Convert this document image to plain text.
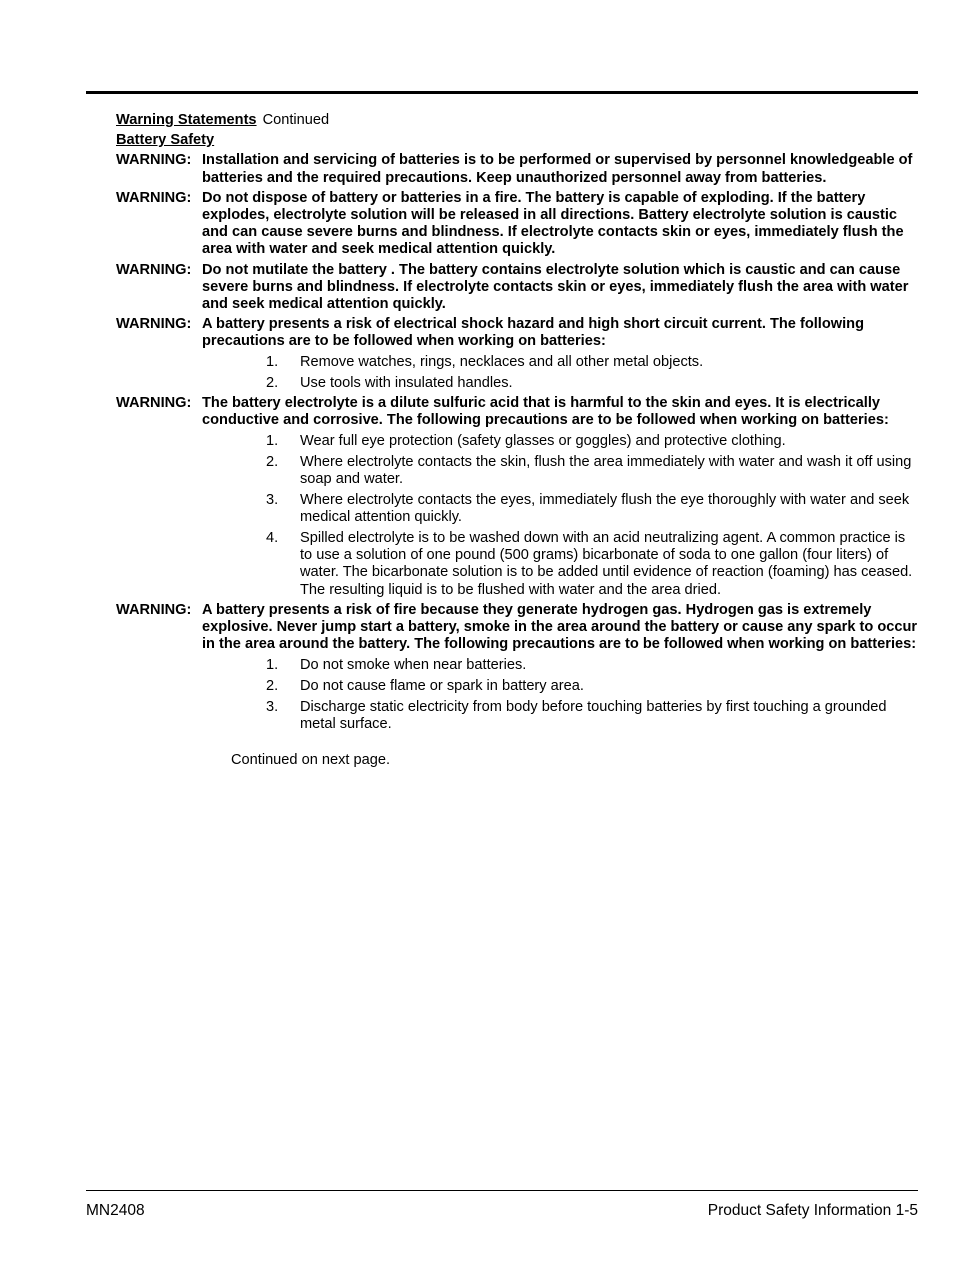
Warning Statements Continued
Battery Safety
WARNING: Installation and servicing of batteries is to be performed or supervised by personnel knowledgeable of batteries and the required precautions. Keep unauthorized personnel away from batteries.
WARNING: Do not dispose of battery or batteries in a fire. The battery is capable of exploding. If the battery explodes, electrolyte solution will be released in all directions. Battery electrolyte solution is caustic and can cause severe burns and blindness. If electrolyte contacts skin or eyes, immediately flush the area with water and seek medical attention quickly.
WARNING: Do not mutilate the battery . The battery contains electrolyte solution which is caustic and can cause severe burns and blindness. If electrolyte contacts skin or eyes, immediately flush the area with water and seek medical attention quickly.
WARNING: A battery presents a risk of electrical shock hazard and high short circuit current. The following precautions are to be followed when working on batteries:
1. Remove watches, rings, necklaces and all other metal objects.
2. Use tools with insulated handles.
WARNING: The battery electrolyte is a dilute sulfuric acid that is harmful to the skin and eyes. It is electrically conductive and corrosive. The following precautions are to be followed when working on batteries:
1. Wear full eye protection (safety glasses or goggles) and protective clothing.
2. Where electrolyte contacts the skin, flush the area immediately with water and wash it off using soap and water.
3. Where electrolyte contacts the eyes, immediately flush the eye thoroughly with water and seek medical attention quickly.
4. Spilled electrolyte is to be washed down with an acid neutralizing agent. A common practice is to use a solution of one pound (500 grams) bicarbonate of soda to one gallon (four liters) of water. The bicarbonate solution is to be added until evidence of reaction (foaming) has ceased. The resulting liquid is to be flushed with water and the area dried.
WARNING: A battery presents a risk of fire because they generate hydrogen gas. Hydrogen gas is extremely explosive. Never jump start a battery, smoke in the area around the battery or cause any spark to occur in the area around the battery. The following precautions are to be followed when working on batteries:
1. Do not smoke when near batteries.
2. Do not cause flame or spark in battery area.
3. Discharge static electricity from body before touching batteries by first touching a grounded metal surface.
Continued on next page.
MN2408	Product Safety Information 1-5
